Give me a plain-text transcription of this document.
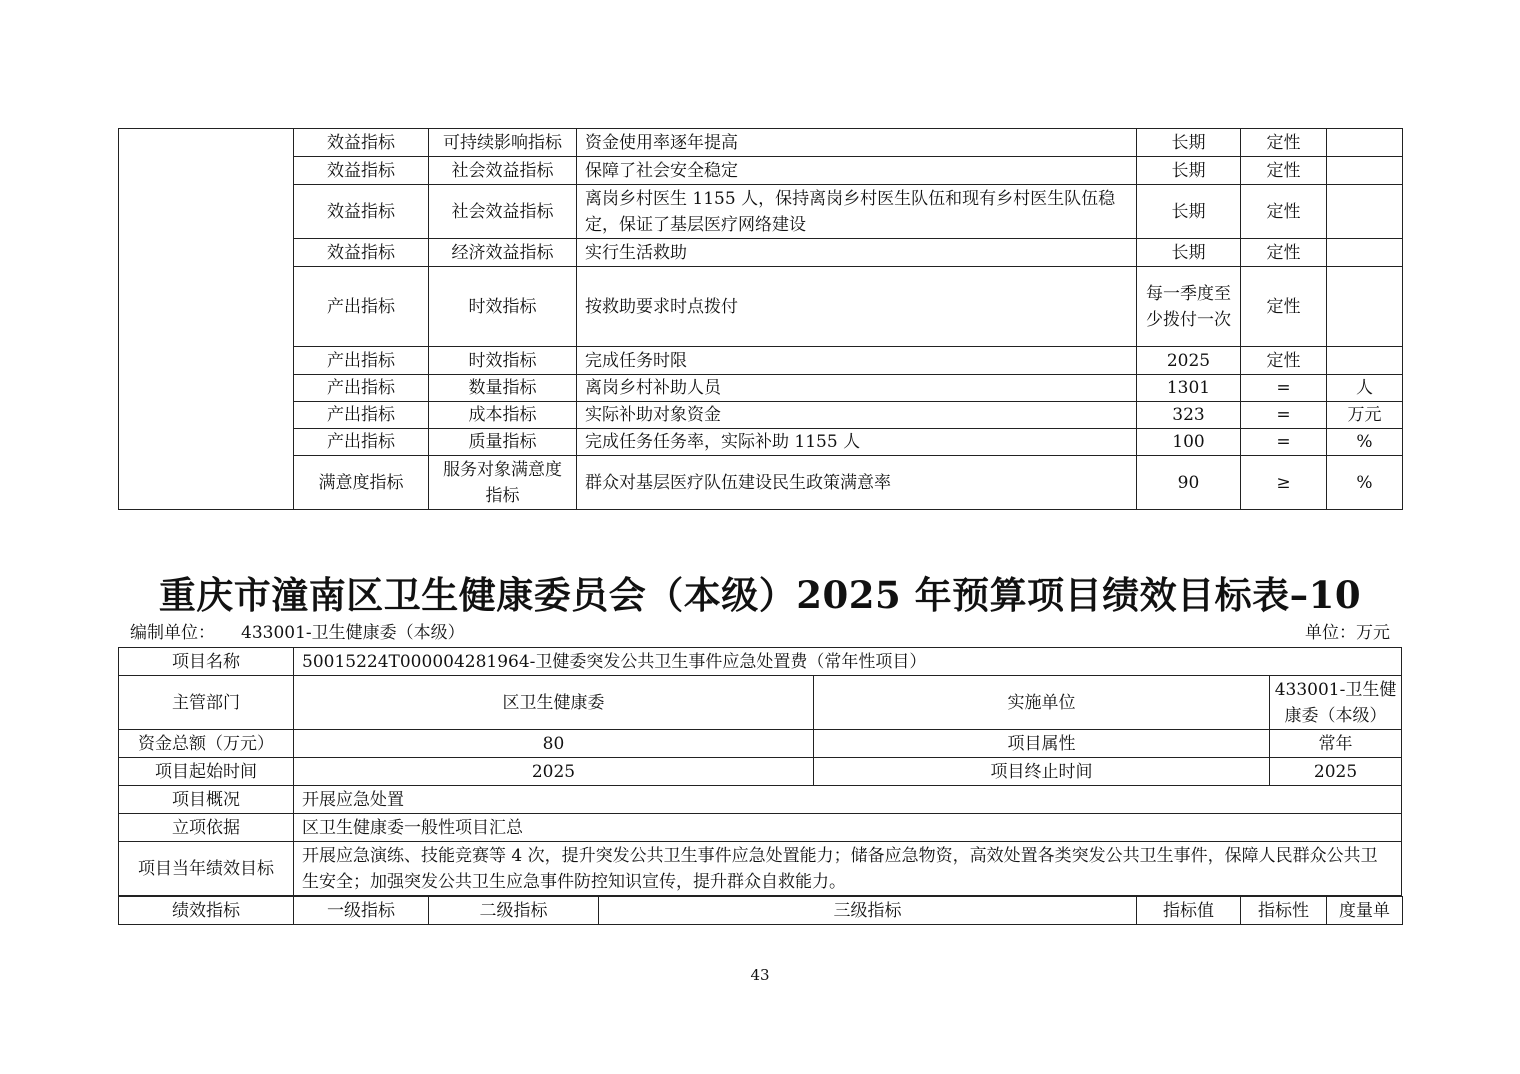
	效益指标	可持续影响指标	资金使用率逐年提高	长期	定性	
	效益指标	社会效益指标	保障了社会安全稳定	长期	定性	
	效益指标	社会效益指标	离岗乡村医生 1155 人，保持离岗乡村医生队伍和现有乡村医生队伍稳定，保证了基层医疗网络建设	长期	定性	
	效益指标	经济效益指标	实行生活救助	长期	定性	
	产出指标	时效指标	按救助要求时点拨付	每一季度至少拨付一次	定性	
	产出指标	时效指标	完成任务时限	2025	定性	
	产出指标	数量指标	离岗乡村补助人员	1301	=	人
	产出指标	成本指标	实际补助对象资金	323	=	万元
	产出指标	质量指标	完成任务任务率，实际补助 1155 人	100	=	%
	满意度指标	服务对象满意度指标	群众对基层医疗队伍建设民生政策满意率	90	≥	%
重庆市潼南区卫生健康委员会（本级）2025 年预算项目绩效目标表–10
编制单位： 433001-卫生健康委（本级）	单位：万元
项目名称	50015224T000004281964-卫健委突发公共卫生事件应急处置费（常年性项目）		
主管部门	区卫生健康委	实施单位	433001-卫生健康委（本级）
资金总额（万元）	80	项目属性	常年
项目起始时间	2025	项目终止时间	2025
项目概况	开展应急处置		
立项依据	区卫生健康委一般性项目汇总		
项目当年绩效目标	开展应急演练、技能竞赛等 4 次，提升突发公共卫生事件应急处置能力；储备应急物资，高效处置各类突发公共卫生事件，保障人民群众公共卫生安全；加强突发公共卫生应急事件防控知识宣传，提升群众自救能力。		
绩效指标	一级指标	二级指标	三级指标	指标值	指标性	度量单
43
